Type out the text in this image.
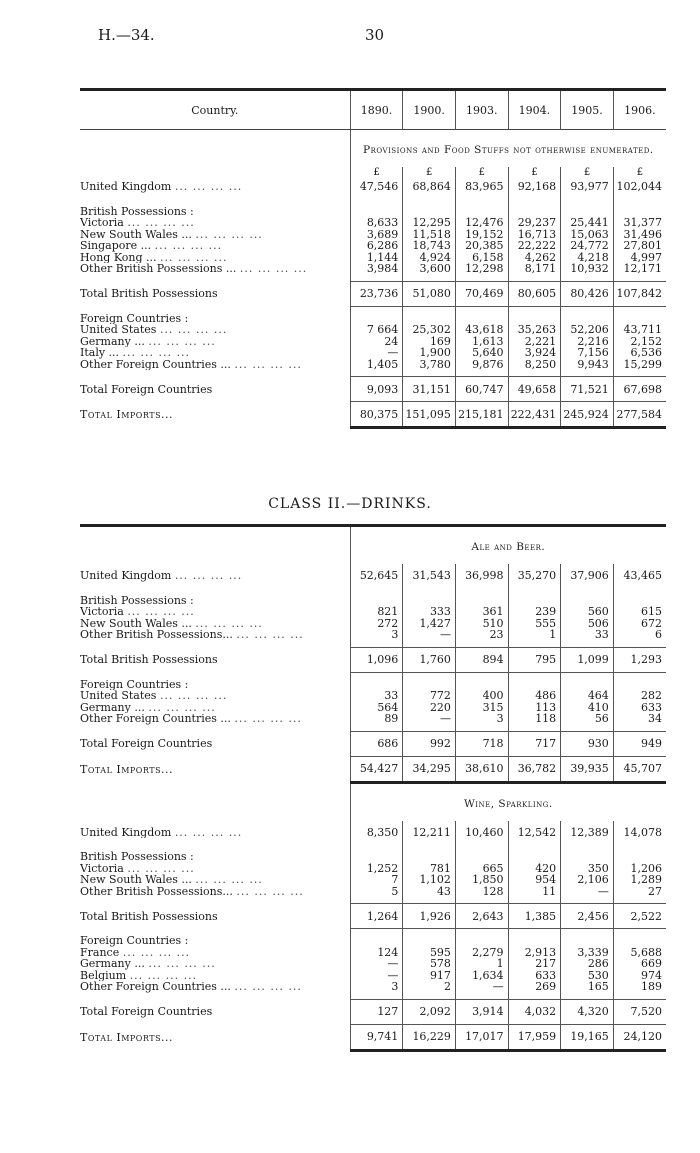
H.—34.	30
Country.	1890.	1900.	1903.	1904.	1905.	1906.
	Provisions and Food Stuffs not otherwise enumerated.					
	£	£	£	£	£	£
United Kingdom ... ... ... ...	47,546	68,864	83,965	92,168	93,977	102,044

British Possessions :						
Victoria ... ... ... ...	8,633	12,295	12,476	29,237	25,441	31,377
New South Wales ... ... ... ... ...	3,689	11,518	19,152	16,713	15,063	31,496
Singapore ... ... ... ... ...	6,286	18,743	20,385	22,222	24,772	27,801
Hong Kong ... ... ... ... ...	1,144	4,924	6,158	4,262	4,218	4,997
Other British Possessions ... ... ... ... ...	3,984	3,600	12,298	8,171	10,932	12,171

Total British Possessions	23,736	51,080	70,469	80,605	80,426	107,842

Foreign Countries :						
United States ... ... ... ...	7 664	25,302	43,618	35,263	52,206	43,711
Germany ... ... ... ... ...	24	169	1,613	2,221	2,216	2,152
Italy ... ... ... ... ...	—	1,900	5,640	3,924	7,156	6,536
Other Foreign Countries ... ... ... ... ...	1,405	3,780	9,876	8,250	9,943	15,299

Total Foreign Countries	9,093	31,151	60,747	49,658	71,521	67,698
Total Imports...	80,375	151,095	215,181	222,431	245,924	277,584
CLASS II.—DRINKS.
	Ale and Beer.					

United Kingdom ... ... ... ...	52,645	31,543	36,998	35,270	37,906	43,465

British Possessions :						
Victoria ... ... ... ...	821	333	361	239	560	615
New South Wales ... ... ... ... ...	272	1,427	510	555	506	672
Other British Possessions... ... ... ... ...	3	—	23	1	33	6

Total British Possessions	1,096	1,760	894	795	1,099	1,293

Foreign Countries :						
United States ... ... ... ...	33	772	400	486	464	282
Germany ... ... ... ... ...	564	220	315	113	410	633
Other Foreign Countries ... ... ... ... ...	89	—	3	118	56	34

Total Foreign Countries	686	992	718	717	930	949
Total Imports...	54,427	34,295	38,610	36,782	39,935	45,707
	Wine, Sparkling.					

United Kingdom ... ... ... ...	8,350	12,211	10,460	12,542	12,389	14,078

British Possessions :						
Victoria ... ... ... ...	1,252	781	665	420	350	1,206
New South Wales ... ... ... ... ...	7	1,102	1,850	954	2,106	1,289
Other British Possessions... ... ... ... ...	5	43	128	11	—	27

Total British Possessions	1,264	1,926	2,643	1,385	2,456	2,522

Foreign Countries :						
France ... ... ... ...	124	595	2,279	2,913	3,339	5,688
Germany ... ... ... ... ...	—	578	1	217	286	669
Belgium ... ... ... ...	—	917	1,634	633	530	974
Other Foreign Countries ... ... ... ... ...	3	2	—	269	165	189

Total Foreign Countries	127	2,092	3,914	4,032	4,320	7,520
Total Imports...	9,741	16,229	17,017	17,959	19,165	24,120
